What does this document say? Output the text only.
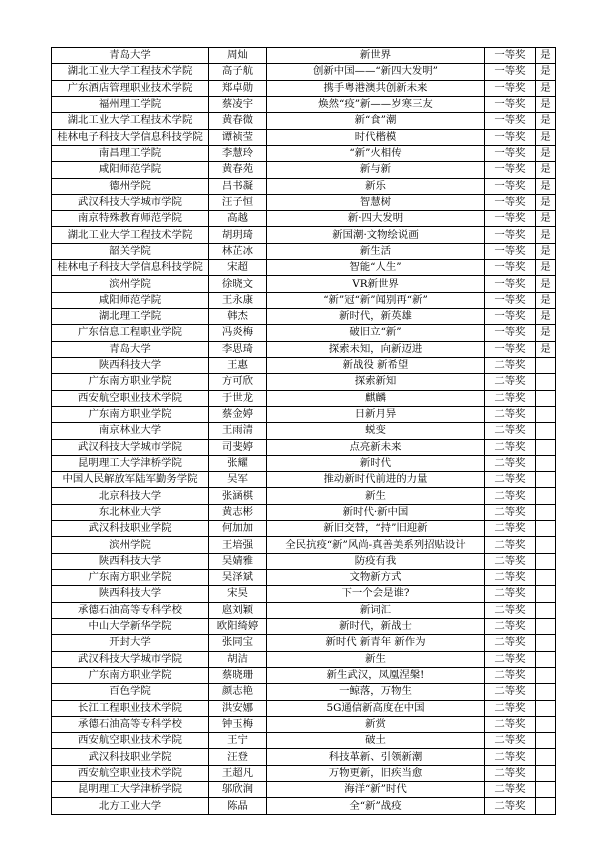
青岛大学	周灿	新世界	一等奖	是
湖北工业大学工程技术学院	高子航	创新中国——“新四大发明”	一等奖	是
广东酒店管理职业技术学院	郑卓勋	携手粤港澳共创新未来	一等奖	是
福州理工学院	蔡凌宇	焕然“疫”新——岁寒三友	一等奖	是
湖北工业大学工程技术学院	黄春微	新“食”潮	一等奖	是
桂林电子科技大学信息科技学院	谭祯莹	时代楷模	一等奖	是
南昌理工学院	李慧玲	“新”火相传	一等奖	是
咸阳师范学院	黄春苑	新与新	一等奖	是
德州学院	吕书凝	新乐	一等奖	是
武汉科技大学城市学院	汪子恒	智慧树	一等奖	是
南京特殊教育师范学院	高越	新·四大发明	一等奖	是
湖北工业大学工程技术学院	胡玥琦	新国潮·文物绘说画	一等奖	是
韶关学院	林芷冰	新生活	一等奖	是
桂林电子科技大学信息科技学院	宋超	智能“人生”	一等奖	是
滨州学院	徐晓文	VR新世界	一等奖	是
咸阳师范学院	王永康	“新”冠“新”闻别再“新”	一等奖	是
湖北理工学院	韩杰	新时代，新英雄	一等奖	是
广东信息工程职业学院	冯炎梅	破旧立“新”	一等奖	是
青岛大学	李思琦	探索未知，向新迈进	一等奖	是
陕西科技大学	王惠	新战役 新希望	二等奖	
广东南方职业学院	方可欣	探索新知	二等奖	
西安航空职业技术学院	于世龙	麒麟	二等奖	
广东南方职业学院	蔡金婷	日新月异	二等奖	
南京林业大学	王雨清	蜕变	二等奖	
武汉科技大学城市学院	司斐婷	点亮新未来	二等奖	
昆明理工大学津桥学院	张耀	新时代	二等奖	
中国人民解放军陆军勤务学院	吴军	推动新时代前进的力量	二等奖	
北京科技大学	张涵棋	新生	二等奖	
东北林业大学	黄志彬	新时代·新中国	二等奖	
武汉科技职业学院	何加加	新旧交替，“持”旧迎新	二等奖	
滨州学院	王培强	全民抗疫“新”风尚-真善美系列招贴设计	二等奖	
陕西科技大学	吴婧雅	防疫有我	二等奖	
广东南方职业学院	吴泽斌	文物新方式	二等奖	
陕西科技大学	宋昊	下一个会是谁?	二等奖	
承德石油高等专科学校	扈刘颖	新词汇	二等奖	
中山大学新华学院	欧阳绮婷	新时代，新战士	二等奖	
开封大学	张同宝	新时代 新青年 新作为	二等奖	
武汉科技大学城市学院	胡洁	新生	二等奖	
广东南方职业学院	蔡晓珊	新生武汉，凤凰涅槃!	二等奖	
百色学院	颜志艳	一鲸落，万物生	二等奖	
长江工程职业技术学院	洪安娜	5G通信新高度在中国	二等奖	
承德石油高等专科学校	钟玉梅	新赏	二等奖	
西安航空职业技术学院	王宁	破土	二等奖	
武汉科技职业学院	汪登	科技革新、引领新潮	二等奖	
西安航空职业技术学院	王超凡	万物更新，旧疾当愈	二等奖	
昆明理工大学津桥学院	邬欣润	海洋“新”时代	二等奖	
北方工业大学	陈晶	全“新”战疫	二等奖	
